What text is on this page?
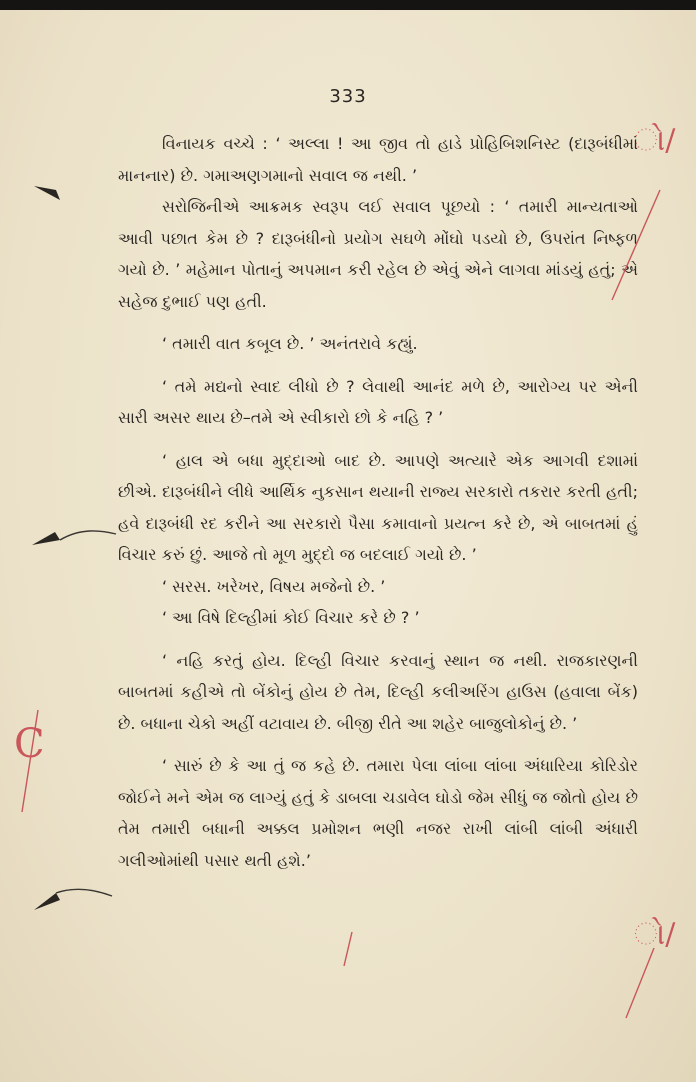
333

વિનાયક વચ્ચે : ‘ અલ્લા ! આ જીવ તો હાડે પ્રોહિબિશનિસ્ટ (દારૂબંધીમાં માનનાર) છે. ગમાઅણગમાનો સવાલ જ નથી. ’

સરોજિનીએ આક્રમક સ્વરૂપ લઈ સવાલ પૂછયો : ‘ તમારી માન્યતાઓ આવી પછાત કેમ છે ? દારૂબંધીનો પ્રયોગ સઘળે મોંઘો પડયો છે, ઉપરાંત નિષ્ફળ ગયો છે. ’ મહેમાન પોતાનું અપમાન કરી રહેલ છે એવું એને લાગવા માંડયું હતું; એ સહેજ દુભાઈ પણ હતી.

‘ તમારી વાત કબૂલ છે. ’ અનંતરાવે કહ્યું.

‘ તમે મદ્યનો સ્વાદ લીધો છે ? લેવાથી આનંદ મળે છે, આરોગ્ય પર એની સારી અસર થાય છે–તમે એ સ્વીકારો છો કે નહિ ? ’

‘ હાલ એ બધા મુદ્દાઓ બાદ છે. આપણે અત્યારે એક આગવી દશામાં છીએ. દારૂબંધીને લીધે આર્થિક નુકસાન થયાની રાજ્ય સરકારો તકરાર કરતી હતી; હવે દારૂબંધી રદ કરીને આ સરકારો પૈસા કમાવાનો પ્રયત્ન કરે છે, એ બાબતમાં હું વિચાર કરું છું. આજે તો મૂળ મુદ્દો જ બદલાઈ ગયો છે. ’

‘ સરસ. ખરેખર, વિષય મજેનો છે. ’

‘ આ વિષે દિલ્હીમાં કોઈ વિચાર કરે છે ? ’

‘ નહિ કરતું હોય. દિલ્હી વિચાર કરવાનું સ્થાન જ નથી. રાજકારણની બાબતમાં કહીએ તો બેંકોનું હોય છે તેમ, દિલ્હી કલીઅરિંગ હાઉસ (હવાલા બેંક) છે. બધાના ચેકો અહીં વટાવાય છે. બીજી રીતે આ શહેર બાજુલોકોનું છે. ’

‘ સારું છે કે આ તું જ કહે છે. તમારા પેલા લાંબા લાંબા અંધારિયા કોરિડોર જોઈને મને એમ જ લાગ્યું હતું કે ડાબલા ચડાવેલ ઘોડો જેમ સીધું જ જોતો હોય છે તેમ તમારી બધાની અક્કલ પ્રમોશન ભણી નજર રાખી લાંબી લાંબી અંધારી ગલીઓમાંથી પસાર થતી હશે.’

ો/
C
ો/
